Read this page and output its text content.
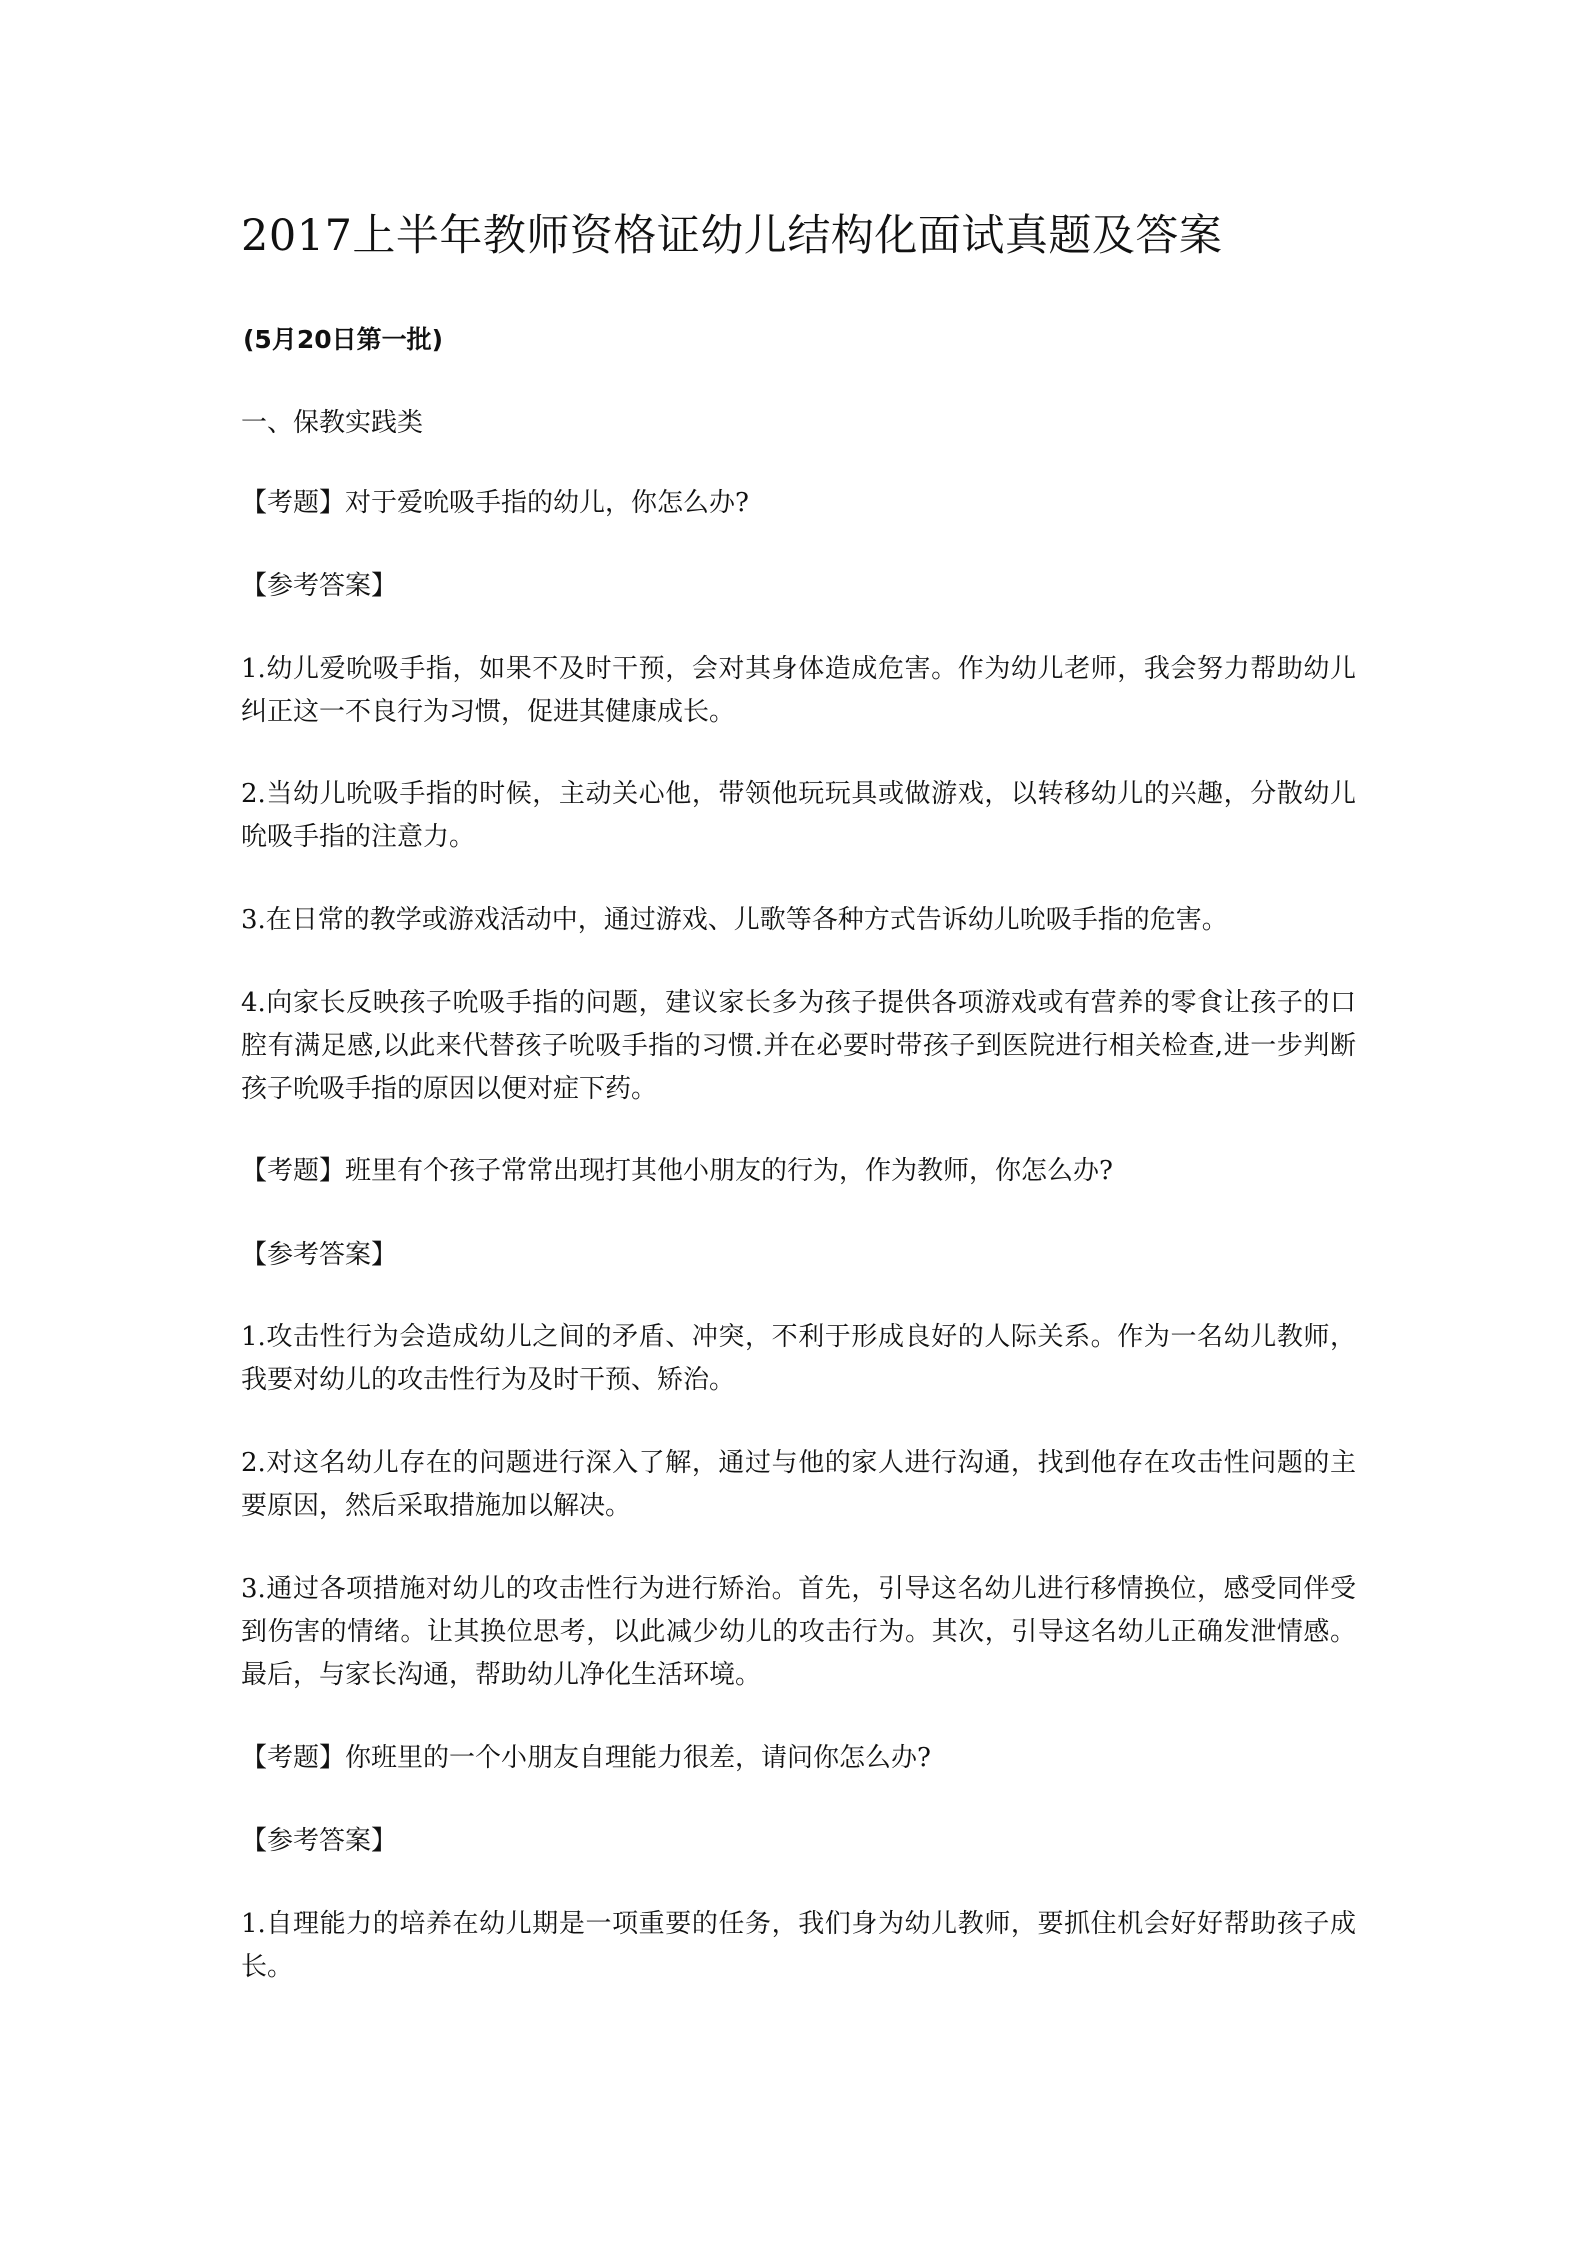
2017上半年教师资格证幼儿结构化面试真题及答案
(5月20日第一批)
一、保教实践类
【考题】对于爱吮吸手指的幼儿，你怎么办?
【参考答案】
1.幼儿爱吮吸手指，如果不及时干预，会对其身体造成危害。作为幼儿老师，我会努力帮助幼儿纠正这一不良行为习惯，促进其健康成长。
2.当幼儿吮吸手指的时候，主动关心他，带领他玩玩具或做游戏，以转移幼儿的兴趣，分散幼儿吮吸手指的注意力。
3.在日常的教学或游戏活动中，通过游戏、儿歌等各种方式告诉幼儿吮吸手指的危害。
4.向家长反映孩子吮吸手指的问题，建议家长多为孩子提供各项游戏或有营养的零食让孩子的口腔有满足感,以此来代替孩子吮吸手指的习惯.并在必要时带孩子到医院进行相关检查,进一步判断孩子吮吸手指的原因以便对症下药。
【考题】班里有个孩子常常出现打其他小朋友的行为，作为教师，你怎么办?
【参考答案】
1.攻击性行为会造成幼儿之间的矛盾、冲突，不利于形成良好的人际关系。作为一名幼儿教师，我要对幼儿的攻击性行为及时干预、矫治。
2.对这名幼儿存在的问题进行深入了解，通过与他的家人进行沟通，找到他存在攻击性问题的主要原因，然后采取措施加以解决。
3.通过各项措施对幼儿的攻击性行为进行矫治。首先，引导这名幼儿进行移情换位，感受同伴受到伤害的情绪。让其换位思考，以此减少幼儿的攻击行为。其次，引导这名幼儿正确发泄情感。最后，与家长沟通，帮助幼儿净化生活环境。
【考题】你班里的一个小朋友自理能力很差，请问你怎么办?
【参考答案】
1.自理能力的培养在幼儿期是一项重要的任务，我们身为幼儿教师，要抓住机会好好帮助孩子成长。
